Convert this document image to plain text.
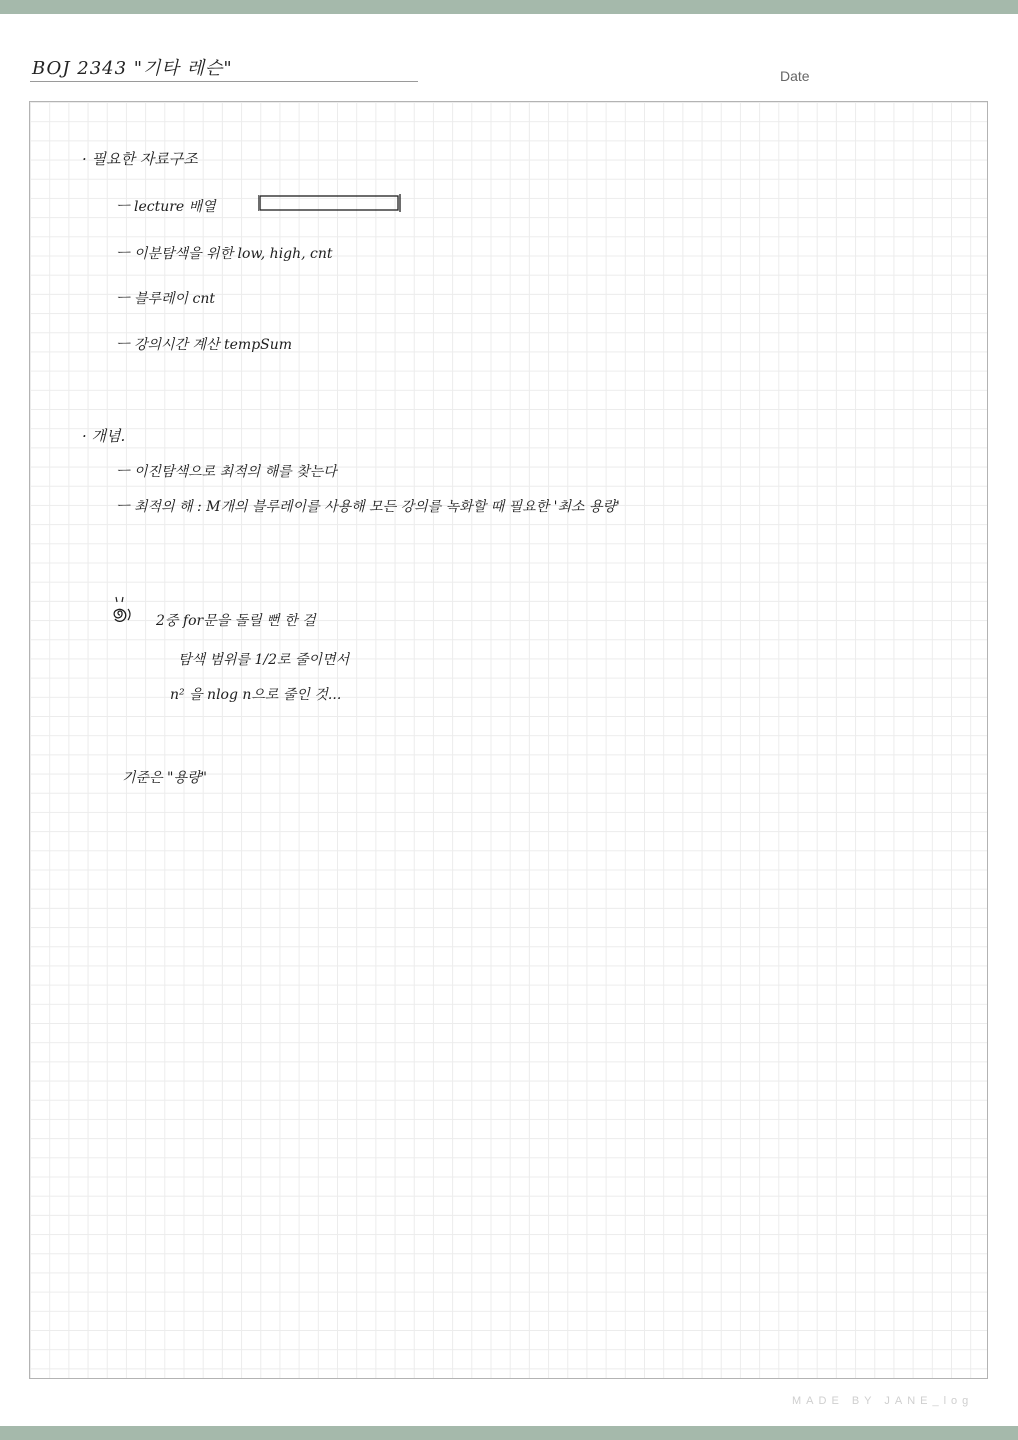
BOJ 2343 "기타 레슨"	Date
· 필요한 자료구조
ㅡ lecture 배열
ㅡ 이분탐색을 위한 low, high, cnt
ㅡ 블루레이 cnt
ㅡ 강의시간 계산 tempSum
· 개념.
ㅡ 이진탐색으로 최적의 해를 찾는다
ㅡ 최적의 해 : M개의 블루레이를 사용해 모든 강의를 녹화할 때 필요한 '최소 용량'
2중 for문을 돌릴 뻔 한 걸
탐색 범위를 1/2로 줄이면서
n² 을 nlog n으로 줄인 것...
기준은 "용량"
MADE BY JANE_log
